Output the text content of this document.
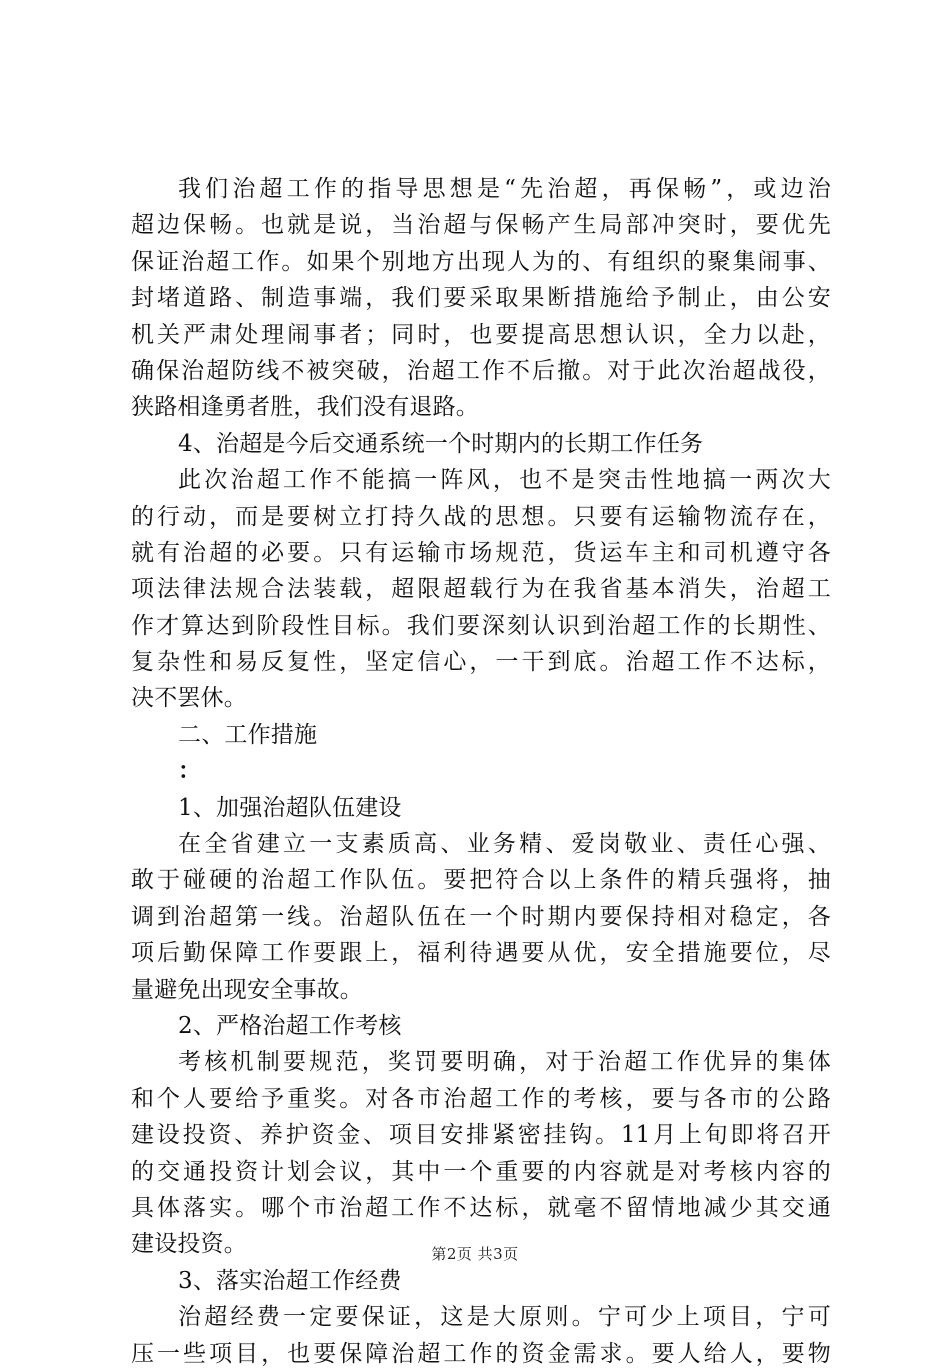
我们治超工作的指导思想是“先治超，再保畅”，或边治
超边保畅。也就是说，当治超与保畅产生局部冲突时，要优先
保证治超工作。如果个别地方出现人为的、有组织的聚集闹事、
封堵道路、制造事端，我们要采取果断措施给予制止，由公安
机关严肃处理闹事者；同时，也要提高思想认识，全力以赴，
确保治超防线不被突破，治超工作不后撤。对于此次治超战役，
狭路相逢勇者胜，我们没有退路。
4、治超是今后交通系统一个时期内的长期工作任务
此次治超工作不能搞一阵风，也不是突击性地搞一两次大
的行动，而是要树立打持久战的思想。只要有运输物流存在，
就有治超的必要。只有运输市场规范，货运车主和司机遵守各
项法律法规合法装载，超限超载行为在我省基本消失，治超工
作才算达到阶段性目标。我们要深刻认识到治超工作的长期性、
复杂性和易反复性，坚定信心，一干到底。治超工作不达标，
决不罢休。
二、工作措施
：
1、加强治超队伍建设
在全省建立一支素质高、业务精、爱岗敬业、责任心强、
敢于碰硬的治超工作队伍。要把符合以上条件的精兵强将，抽
调到治超第一线。治超队伍在一个时期内要保持相对稳定，各
项后勤保障工作要跟上，福利待遇要从优，安全措施要位，尽
量避免出现安全事故。
2、严格治超工作考核
考核机制要规范，奖罚要明确，对于治超工作优异的集体
和个人要给予重奖。对各市治超工作的考核，要与各市的公路
建设投资、养护资金、项目安排紧密挂钩。11月上旬即将召开
的交通投资计划会议，其中一个重要的内容就是对考核内容的
具体落实。哪个市治超工作不达标，就毫不留情地减少其交通
建设投资。
3、落实治超工作经费
治超经费一定要保证，这是大原则。宁可少上项目，宁可
压一些项目，也要保障治超工作的资金需求。要人给人，要物
第2页 共3页
